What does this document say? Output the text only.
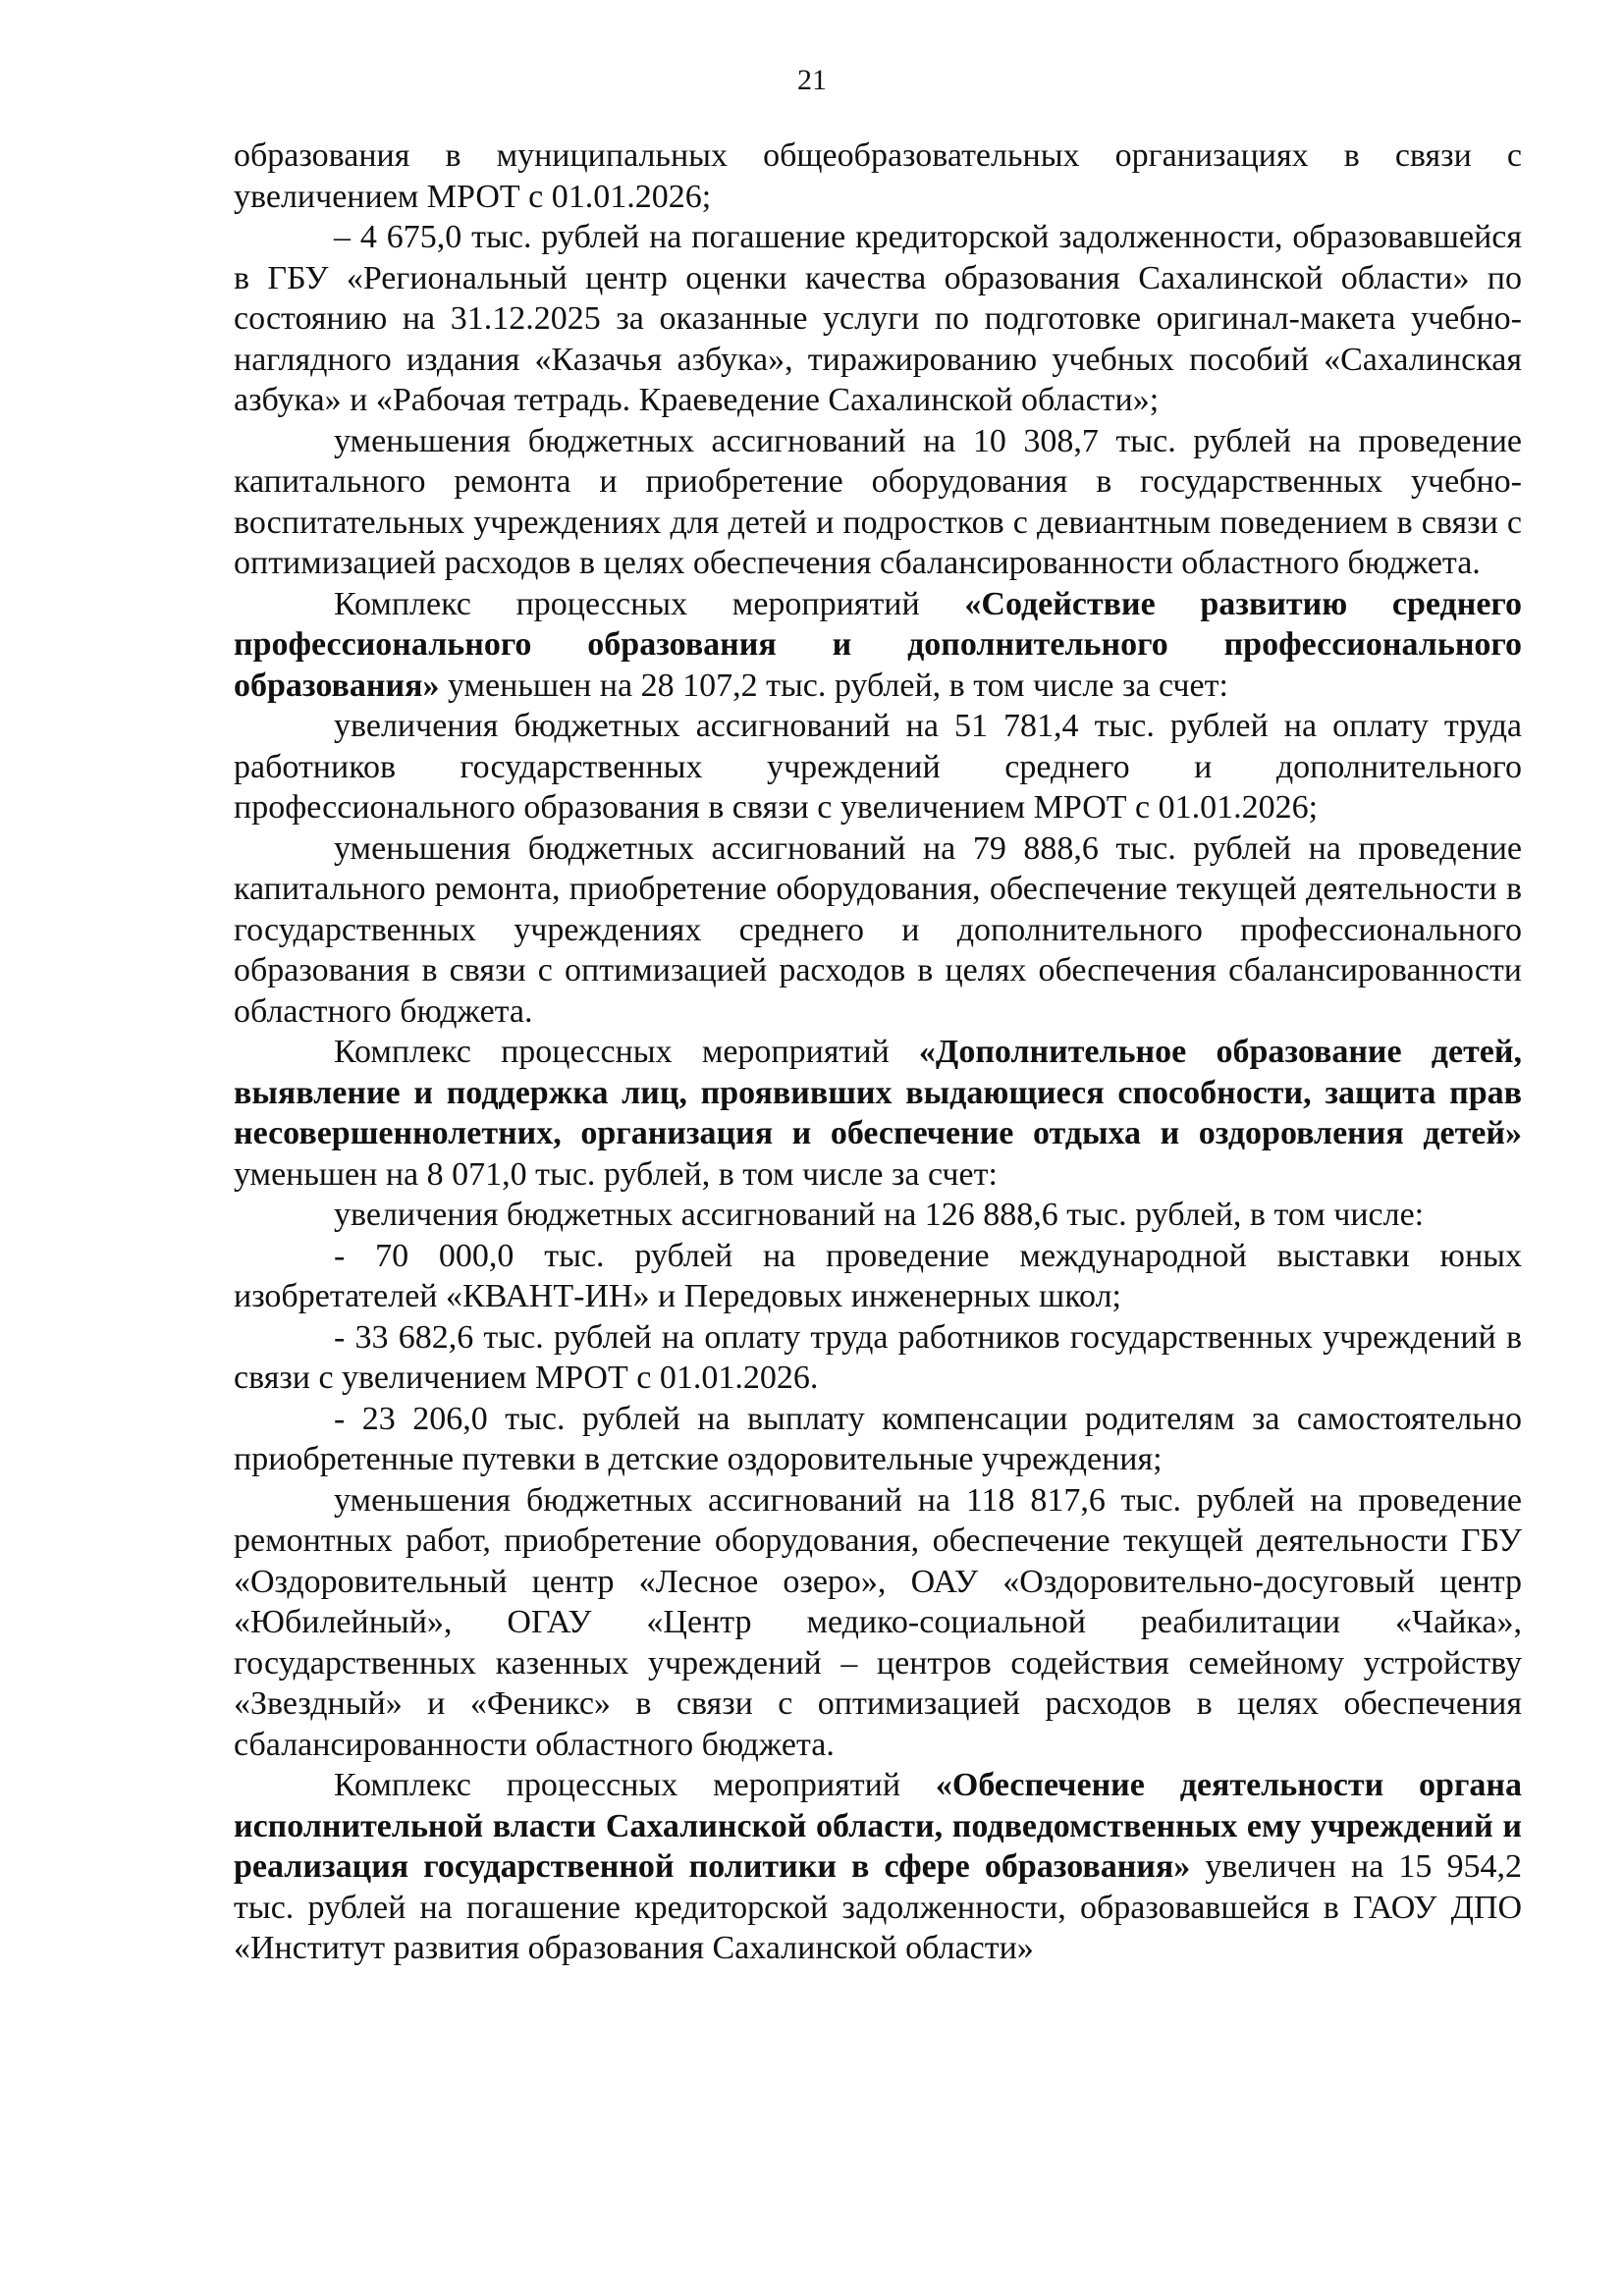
21

образования в муниципальных общеобразовательных организациях в связи с увеличением МРОТ с 01.01.2026;

– 4 675,0 тыс. рублей на погашение кредиторской задолженности, образовавшейся в ГБУ «Региональный центр оценки качества образования Сахалинской области» по состоянию на 31.12.2025 за оказанные услуги по подготовке оригинал-макета учебно-наглядного издания «Казачья азбука», тиражированию учебных пособий «Сахалинская азбука» и «Рабочая тетрадь. Краеведение Сахалинской области»;

уменьшения бюджетных ассигнований на 10 308,7 тыс. рублей на проведение капитального ремонта и приобретение оборудования в государственных учебно-воспитательных учреждениях для детей и подростков с девиантным поведением в связи с оптимизацией расходов в целях обеспечения сбалансированности областного бюджета.

Комплекс процессных мероприятий «Содействие развитию среднего профессионального образования и дополнительного профессионального образования» уменьшен на 28 107,2 тыс. рублей, в том числе за счет:

увеличения бюджетных ассигнований на 51 781,4 тыс. рублей на оплату труда работников государственных учреждений среднего и дополнительного профессионального образования в связи с увеличением МРОТ с 01.01.2026;

уменьшения бюджетных ассигнований на 79 888,6 тыс. рублей на проведение капитального ремонта, приобретение оборудования, обеспечение текущей деятельности в государственных учреждениях среднего и дополнительного профессионального образования в связи с оптимизацией расходов в целях обеспечения сбалансированности областного бюджета.

Комплекс процессных мероприятий «Дополнительное образование детей, выявление и поддержка лиц, проявивших выдающиеся способности, защита прав несовершеннолетних, организация и обеспечение отдыха и оздоровления детей» уменьшен на 8 071,0 тыс. рублей, в том числе за счет:

увеличения бюджетных ассигнований на 126 888,6 тыс. рублей, в том числе:

- 70 000,0 тыс. рублей на проведение международной выставки юных изобретателей «КВАНТ-ИН» и Передовых инженерных школ;

- 33 682,6 тыс. рублей на оплату труда работников государственных учреждений в связи с увеличением МРОТ с 01.01.2026.

- 23 206,0 тыс. рублей на выплату компенсации родителям за самостоятельно приобретенные путевки в детские оздоровительные учреждения;

уменьшения бюджетных ассигнований на 118 817,6 тыс. рублей на проведение ремонтных работ, приобретение оборудования, обеспечение текущей деятельности ГБУ «Оздоровительный центр «Лесное озеро», ОАУ «Оздоровительно-досуговый центр «Юбилейный», ОГАУ «Центр медико-социальной реабилитации «Чайка», государственных казенных учреждений – центров содействия семейному устройству «Звездный» и «Феникс» в связи с оптимизацией расходов в целях обеспечения сбалансированности областного бюджета.

Комплекс процессных мероприятий «Обеспечение деятельности органа исполнительной власти Сахалинской области, подведомственных ему учреждений и реализация государственной политики в сфере образования» увеличен на 15 954,2 тыс. рублей на погашение кредиторской задолженности, образовавшейся в ГАОУ ДПО «Институт развития образования Сахалинской области»
